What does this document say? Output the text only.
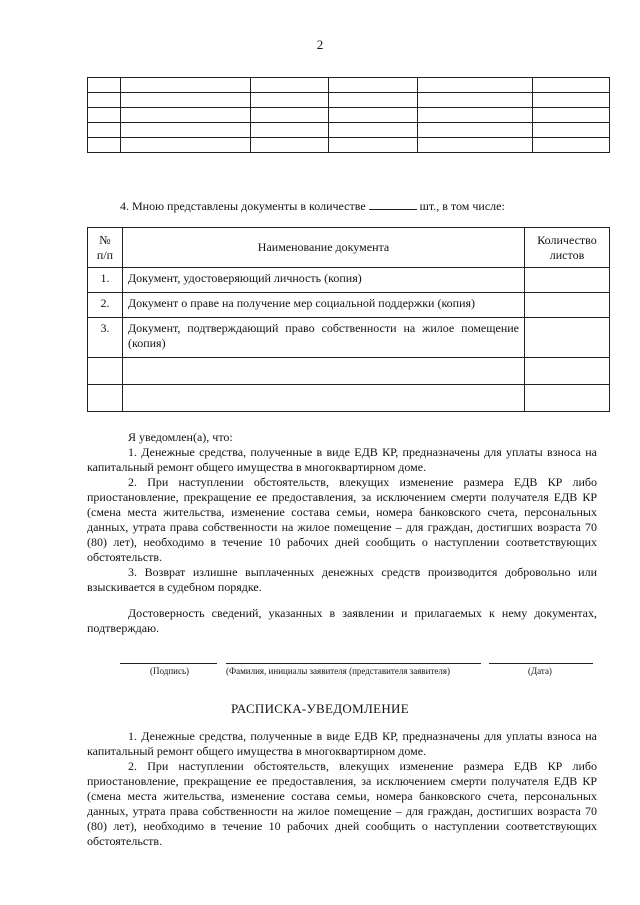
2

4. Мною представлены документы в количестве	шт., в том числе:
№ п/п	Наименование документа	Количество листов
1.	Документ, удостоверяющий личность (копия)	
2.	Документ о праве на получение мер социальной поддержки (копия)	
3.	Документ, подтверждающий право собственности на жилое помещение (копия)	

Я уведомлен(а), что:

1. Денежные средства, полученные в виде ЕДВ КР, предназначены для уплаты взноса на капитальный ремонт общего имущества в многоквартирном доме.

2. При наступлении обстоятельств, влекущих изменение размера ЕДВ КР либо приостановление, прекращение ее предоставления, за исключением смерти получателя ЕДВ КР (смена места жительства, изменение состава семьи, номера банковского счета, персональных данных, утрата права собственности на жилое помещение – для граждан, достигших возраста 70 (80) лет), необходимо в течение 10 рабочих дней сообщить о наступлении соответствующих обстоятельств.

3. Возврат излишне выплаченных денежных средств производится добровольно или взыскивается в судебном порядке.

Достоверность сведений, указанных в заявлении и прилагаемых к нему документах, подтверждаю.

(Подпись)	(Фамилия, инициалы заявителя (представителя заявителя)	(Дата)
РАСПИСКА-УВЕДОМЛЕНИЕ

1. Денежные средства, полученные в виде ЕДВ КР, предназначены для уплаты взноса на капитальный ремонт общего имущества в многоквартирном доме.

2. При наступлении обстоятельств, влекущих изменение размера ЕДВ КР либо приостановление, прекращение ее предоставления, за исключением смерти получателя ЕДВ КР (смена места жительства, изменение состава семьи, номера банковского счета, персональных данных, утрата права собственности на жилое помещение – для граждан, достигших возраста 70 (80) лет), необходимо в течение 10 рабочих дней сообщить о наступлении соответствующих обстоятельств.
